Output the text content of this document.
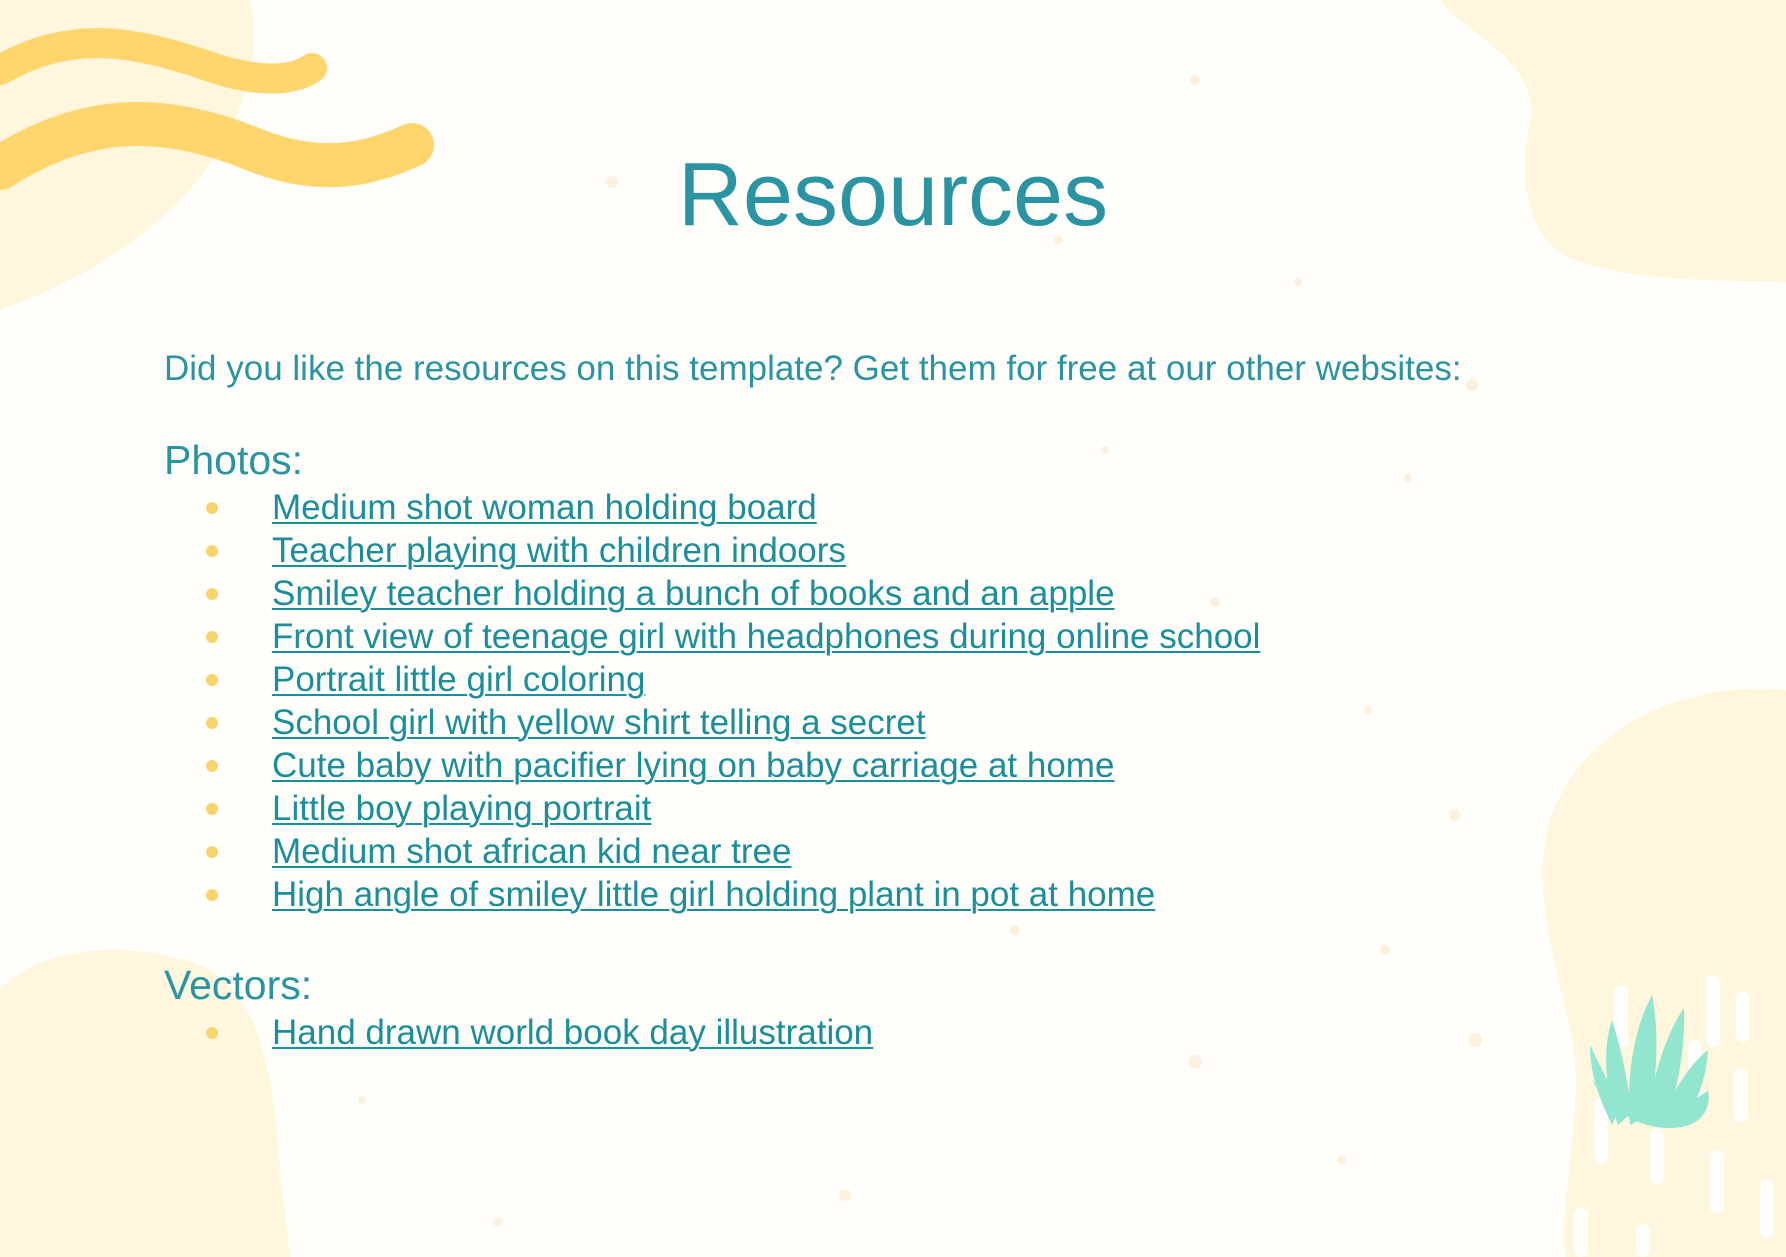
Resources

Did you like the resources on this template? Get them for free at our other websites:

Photos:
Medium shot woman holding board
Teacher playing with children indoors
Smiley teacher holding a bunch of books and an apple
Front view of teenage girl with headphones during online school
Portrait little girl coloring
School girl with yellow shirt telling a secret
Cute baby with pacifier lying on baby carriage at home
Little boy playing portrait
Medium shot african kid near tree
High angle of smiley little girl holding plant in pot at home
Vectors:
Hand drawn world book day illustration
